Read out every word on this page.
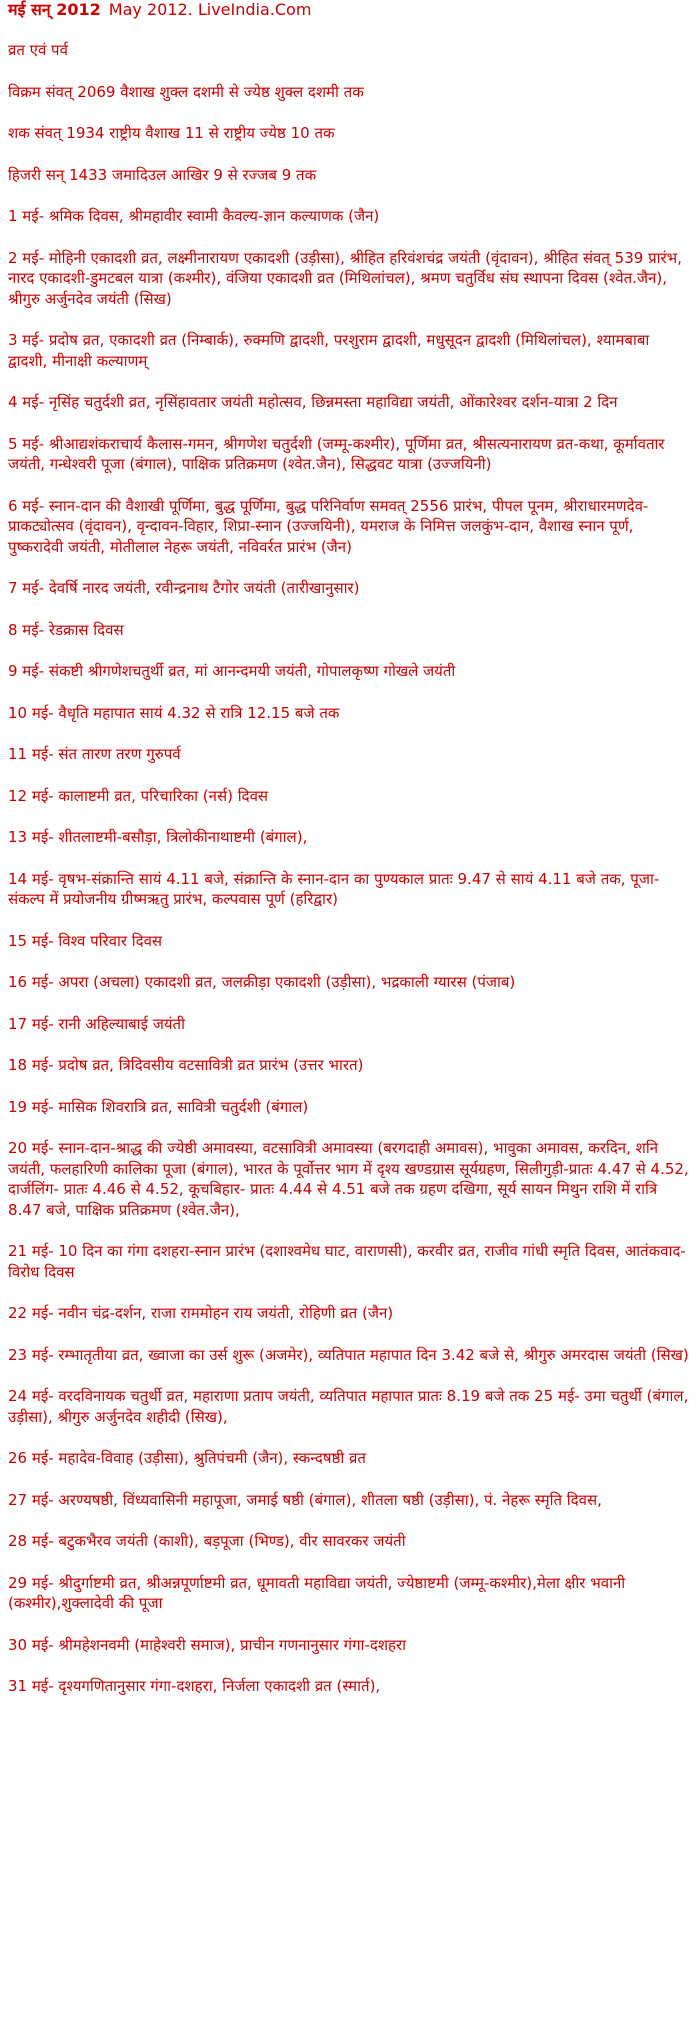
मई सन् 2012 May 2012. LiveIndia.Com
व्रत एवं पर्व
विक्रम संवत् 2069 वैशाख शुक्ल दशमी से ज्येष्ठ शुक्ल दशमी तक
शक संवत् 1934 राष्ट्रीय वैशाख 11 से राष्ट्रीय ज्येष्ठ 10 तक
हिजरी सन् 1433 जमादिउल आखिर 9 से रज्जब 9 तक
1 मई- श्रमिक दिवस, श्रीमहावीर स्वामी कैवल्य-ज्ञान कल्याणक (जैन)
2 मई- मोहिनी एकादशी व्रत, लक्ष्मीनारायण एकादशी (उड़ीसा), श्रीहित हरिवंशचंद्र जयंती (वृंदावन), श्रीहित संवत् 539 प्रारंभ, नारद एकादशी-डुमटबल यात्रा (कश्मीर), वंजिया एकादशी व्रत (मिथिलांचल), श्रमण चतुर्विध संघ स्थापना दिवस (श्वेत.जैन), श्रीगुरु अर्जुनदेव जयंती (सिख)
3 मई- प्रदोष व्रत, एकादशी व्रत (निम्बार्क), रुक्मणि द्वादशी, परशुराम द्वादशी, मधुसूदन द्वादशी (मिथिलांचल), श्यामबाबा द्वादशी, मीनाक्षी कल्याणम्
4 मई- नृसिंह चतुर्दशी व्रत, नृसिंहावतार जयंती महोत्सव, छिन्नमस्ता महाविद्या जयंती, ओंकारेश्वर दर्शन-यात्रा 2 दिन
5 मई- श्रीआद्यशंकराचार्य कैलास-गमन, श्रीगणेश चतुर्दशी (जम्मू-कश्मीर), पूर्णिमा व्रत, श्रीसत्यनारायण व्रत-कथा, कूर्मावतार जयंती, गन्धेश्वरी पूजा (बंगाल), पाक्षिक प्रतिक्रमण (श्वेत.जैन), सिद्धवट यात्रा (उज्जयिनी)
6 मई- स्नान-दान की वैशाखी पूर्णिमा, बुद्ध पूर्णिमा, बुद्ध परिनिर्वाण समवत् 2556 प्रारंभ, पीपल पूनम, श्रीराधारमणदेव-प्राकट्योत्सव (वृंदावन), वृन्दावन-विहार, शिप्रा-स्नान (उज्जयिनी), यमराज के निमित्त जलकुंभ-दान, वैशाख स्नान पूर्ण, पुष्करादेवी जयंती, मोतीलाल नेहरू जयंती, नविवर्रत प्रारंभ (जैन)
7 मई- देवर्षि नारद जयंती, रवीन्द्रनाथ टैगोर जयंती (तारीखानुसार)
8 मई- रेडक्रास दिवस
9 मई- संकष्टी श्रीगणेशचतुर्थी व्रत, मां आनन्दमयी जयंती, गोपालकृष्ण गोखले जयंती
10 मई- वैधृति महापात सायं 4.32 से रात्रि 12.15 बजे तक
11 मई- संत तारण तरण गुरुपर्व
12 मई- कालाष्टमी व्रत, परिचारिका (नर्स) दिवस
13 मई- शीतलाष्टमी-बसौड़ा, त्रिलोकीनाथाष्टमी (बंगाल),
14 मई- वृषभ-संक्रान्ति सायं 4.11 बजे, संक्रान्ति के स्नान-दान का पुण्यकाल प्रातः 9.47 से सायं 4.11 बजे तक, पूजा-संकल्प में प्रयोजनीय ग्रीष्मऋतु प्रारंभ, कल्पवास पूर्ण (हरिद्वार)
15 मई- विश्व परिवार दिवस
16 मई- अपरा (अचला) एकादशी व्रत, जलक्रीड़ा एकादशी (उड़ीसा), भद्रकाली ग्यारस (पंजाब)
17 मई- रानी अहिल्याबाई जयंती
18 मई- प्रदोष व्रत, त्रिदिवसीय वटसावित्री व्रत प्रारंभ (उत्तर भारत)
19 मई- मासिक शिवरात्रि व्रत, सावित्री चतुर्दशी (बंगाल)
20 मई- स्नान-दान-श्राद्ध की ज्येष्ठी अमावस्या, वटसावित्री अमावस्या (बरगदाही अमावस), भावुका अमावस, करदिन, शनि जयंती, फलहारिणी कालिका पूजा (बंगाल), भारत के पूर्वोत्तर भाग में दृश्य खण्डग्रास सूर्यग्रहण, सिलीगुड़ी-प्रातः 4.47 से 4.52, दार्जलिंग- प्रातः 4.46 से 4.52, कूचबिहार- प्रातः 4.44 से 4.51 बजे तक ग्रहण दखिगा, सूर्य सायन मिथुन राशि में रात्रि 8.47 बजे, पाक्षिक प्रतिक्रमण (श्वेत.जैन),
21 मई- 10 दिन का गंगा दशहरा-स्नान प्रारंभ (दशाश्वमेध घाट, वाराणसी), करवीर व्रत, राजीव गांधी स्मृति दिवस, आतंकवाद-विरोध दिवस
22 मई- नवीन चंद्र-दर्शन, राजा राममोहन राय जयंती, रोहिणी व्रत (जैन)
23 मई- रम्भातृतीया व्रत, ख्वाजा का उर्स शुरू (अजमेर), व्यतिपात महापात दिन 3.42 बजे से, श्रीगुरु अमरदास जयंती (सिख)
24 मई- वरदविनायक चतुर्थी व्रत, महाराणा प्रताप जयंती, व्यतिपात महापात प्रातः 8.19 बजे तक 25 मई- उमा चतुर्थी (बंगाल, उड़ीसा), श्रीगुरु अर्जुनदेव शहीदी (सिख),
26 मई- महादेव-विवाह (उड़ीसा), श्रुतिपंचमी (जैन), स्कन्दषष्ठी व्रत
27 मई- अरण्यषष्ठी, विंध्यवासिनी महापूजा, जमाई षष्ठी (बंगाल), शीतला षष्ठी (उड़ीसा), पं. नेहरू स्मृति दिवस,
28 मई- बटुकभैरव जयंती (काशी), बड़पूजा (भिण्ड), वीर सावरकर जयंती
29 मई- श्रीदुर्गाष्टमी व्रत, श्रीअन्नपूर्णाष्टमी व्रत, धूमावती महाविद्या जयंती, ज्येष्ठाष्टमी (जम्मू-कश्मीर),मेला क्षीर भवानी (कश्मीर),शुक्लादेवी की पूजा
30 मई- श्रीमहेशनवमी (माहेश्वरी समाज), प्राचीन गणनानुसार गंगा-दशहरा
31 मई- दृश्यगणितानुसार गंगा-दशहरा, निर्जला एकादशी व्रत (स्मार्त),
